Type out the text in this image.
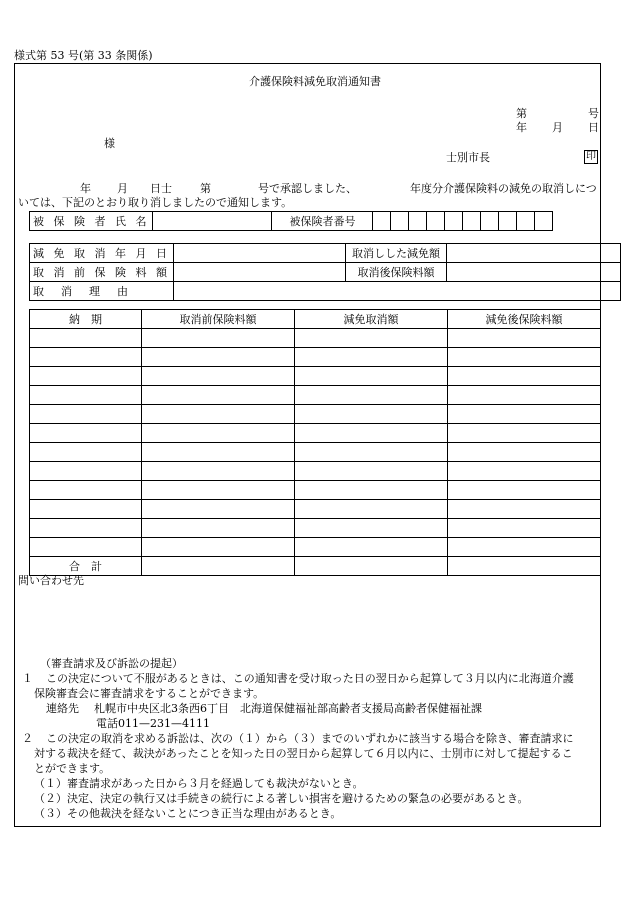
様式第 53 号(第 33 条関係)
介護保険料減免取消通知書
第	号
年 月 日
様
士別市長	印
年 月 日士	第	号で承認しました、	年度分介護保険料の減免の取消しにつ
いては、下記のとおり取り消しましたので通知します。
被 保 険 者 氏 名		被保険者番号										
減 免 取 消 年 月 日		取消しした減免額	
取 消 前 保 険 料 額		取消後保険料額	
取　消　理　由			
納　期	取消前保険料額	減免取消額	減免後保険料額

合　計			
問い合わせ先
（審査請求及び訴訟の提起）
１ この決定について不服があるときは、この通知書を受け取った日の翌日から起算して３月以内に北海道介護
保険審査会に審査請求をすることができます。
連絡先 札幌市中央区北3条西6丁目　北海道保健福祉部高齢者支援局高齢者保健福祉課
電話011—231—4111
２ この決定の取消を求める訴訟は、次の（１）から（３）までのいずれかに該当する場合を除き、審査請求に
対する裁決を経て、裁決があったことを知った日の翌日から起算して６月以内に、士別市に対して提起するこ
とができます。
（１）審査請求があった日から３月を経過しても裁決がないとき。
（２）決定、決定の執行又は手続きの続行による著しい損害を避けるための緊急の必要があるとき。
（３）その他裁決を経ないことにつき正当な理由があるとき。
